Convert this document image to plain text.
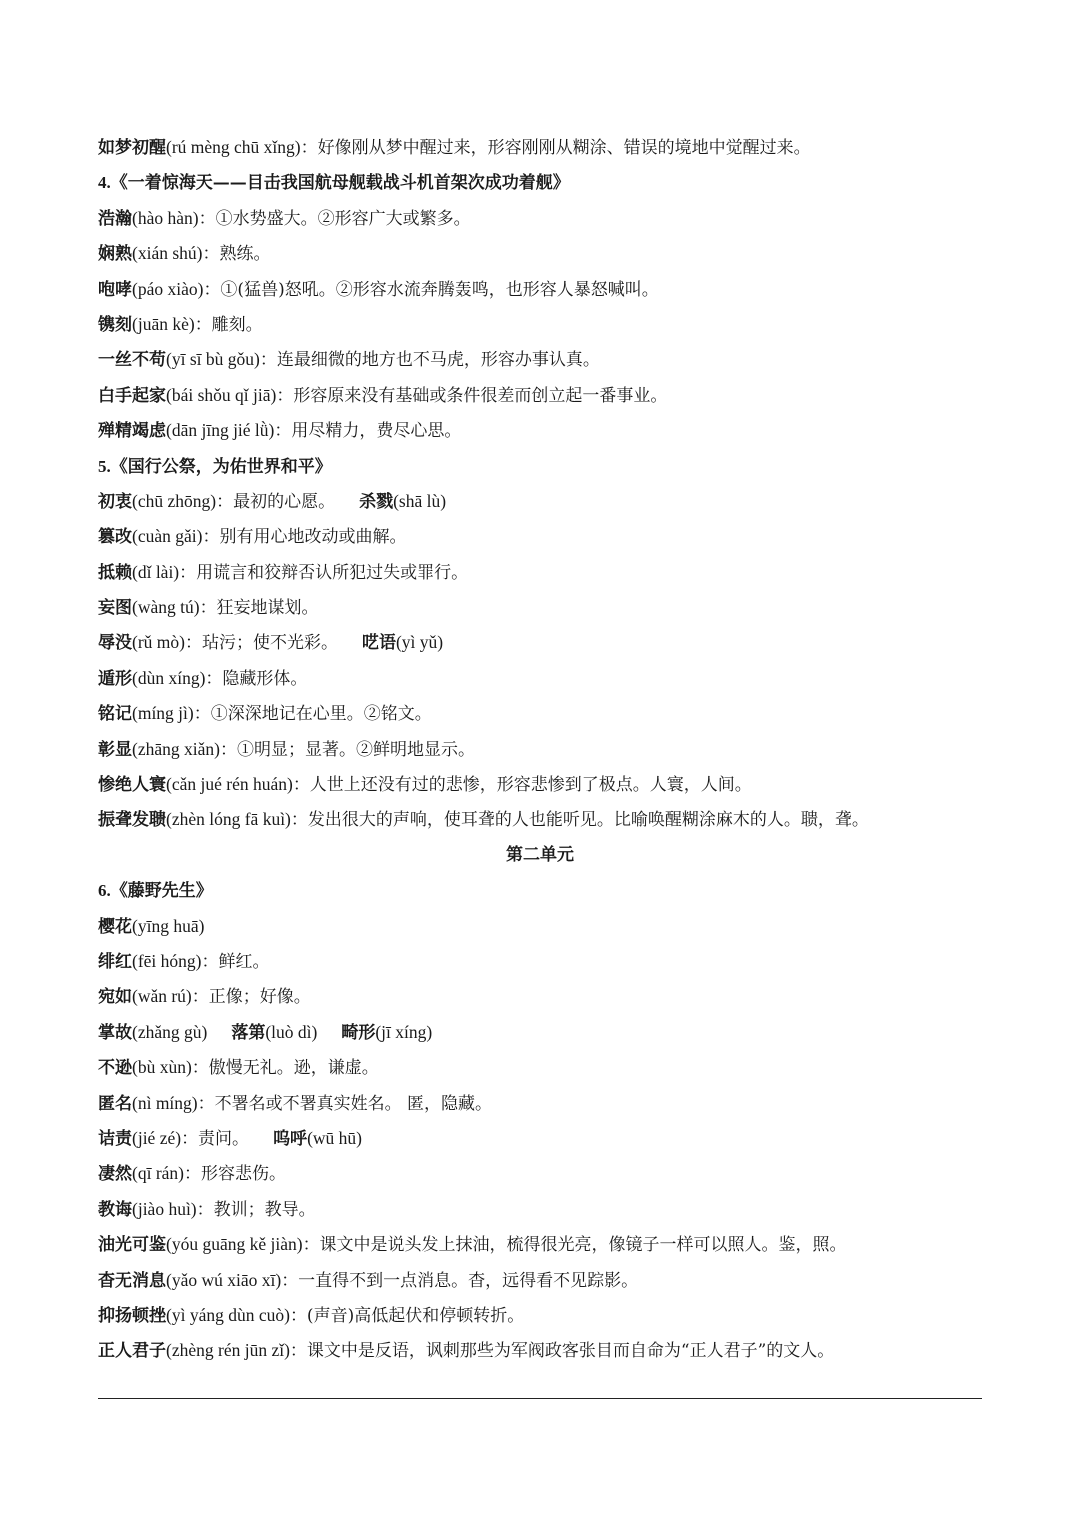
如梦初醒(rú mèng chū xǐng)：好像刚从梦中醒过来，形容刚刚从糊涂、错误的境地中觉醒过来。
4.《一着惊海天——目击我国航母舰载战斗机首架次成功着舰》
浩瀚(hào hàn)：①水势盛大。②形容广大或繁多。
娴熟(xián shú)：熟练。
咆哮(páo xiào)：①(猛兽)怒吼。②形容水流奔腾轰鸣，也形容人暴怒喊叫。
镌刻(juān kè)：雕刻。
一丝不苟(yī sī bù gǒu)：连最细微的地方也不马虎，形容办事认真。
白手起家(bái shǒu qǐ jiā)：形容原来没有基础或条件很差而创立起一番事业。
殚精竭虑(dān jīng jié lǜ)：用尽精力，费尽心思。
5.《国行公祭，为佑世界和平》
初衷(chū zhōng)：最初的心愿。 杀戮(shā lù)
篡改(cuàn gǎi)：别有用心地改动或曲解。
抵赖(dǐ lài)：用谎言和狡辩否认所犯过失或罪行。
妄图(wàng tú)：狂妄地谋划。
辱没(rǔ mò)：玷污；使不光彩。 呓语(yì yǔ)
遁形(dùn xíng)：隐藏形体。
铭记(míng jì)：①深深地记在心里。②铭文。
彰显(zhāng xiǎn)：①明显；显著。②鲜明地显示。
惨绝人寰(cǎn jué rén huán)：人世上还没有过的悲惨，形容悲惨到了极点。人寰，人间。
振聋发聩(zhèn lóng fā kuì)：发出很大的声响，使耳聋的人也能听见。比喻唤醒糊涂麻木的人。聩，聋。
第二单元
6.《藤野先生》
樱花(yīng huā)
绯红(fēi hóng)：鲜红。
宛如(wǎn rú)：正像；好像。
掌故(zhǎng gù) 落第(luò dì) 畸形(jī xíng)
不逊(bù xùn)：傲慢无礼。逊，谦虚。
匿名(nì míng)：不署名或不署真实姓名。 匿，隐藏。
诘责(jié zé)：责问。 呜呼(wū hū)
凄然(qī rán)：形容悲伤。
教诲(jiào huì)：教训；教导。
油光可鉴(yóu guāng kě jiàn)：课文中是说头发上抹油，梳得很光亮，像镜子一样可以照人。鉴，照。
杳无消息(yǎo wú xiāo xī)：一直得不到一点消息。杳，远得看不见踪影。
抑扬顿挫(yì yáng dùn cuò)：(声音)高低起伏和停顿转折。
正人君子(zhèng rén jūn zǐ)：课文中是反语，讽刺那些为军阀政客张目而自命为“正人君子”的文人。
